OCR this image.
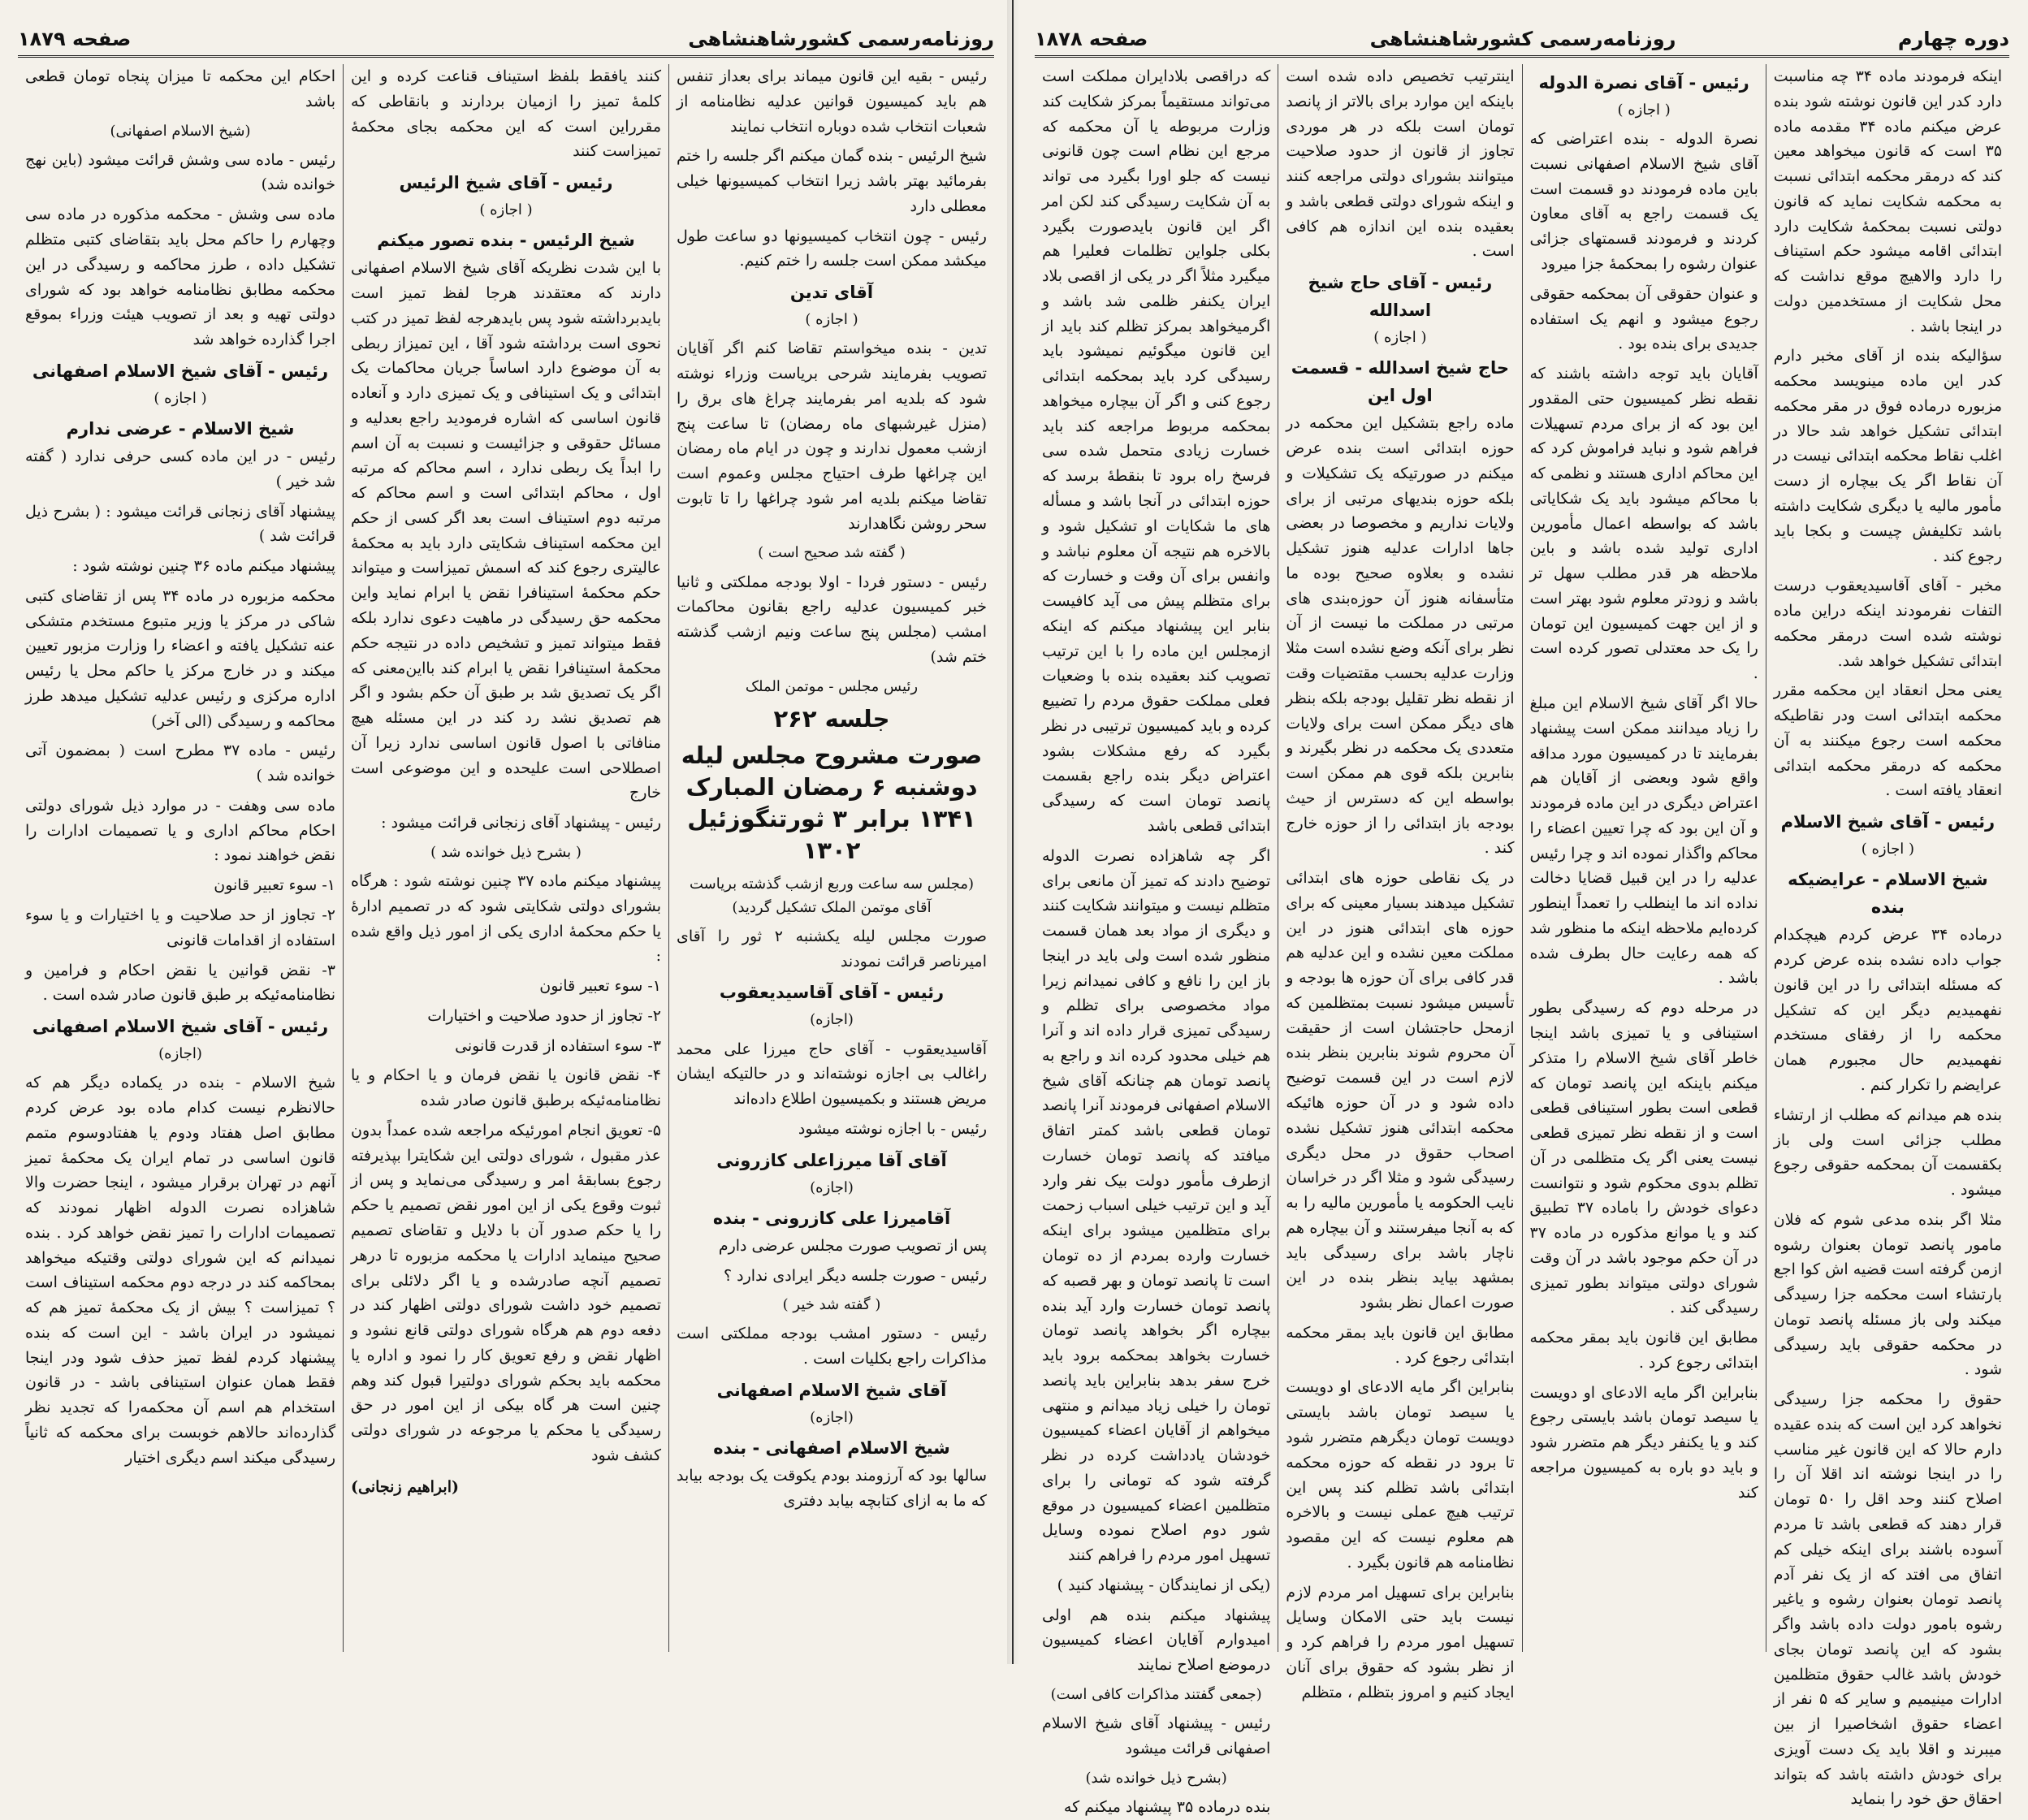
روزنامه‌رسمی کشورشاهنشاهی
صفحه ۱۸۷۹

رئیس - بقیه این قانون میماند برای بعداز تنفس هم باید کمیسیون قوانین عدلیه نظامنامه از شعبات انتخاب شده دوباره انتخاب نمایند

شیخ الرئیس - بنده گمان میکنم اگر جلسه را ختم بفرمائید بهتر باشد زیرا انتخاب کمیسیونها خیلی معطلی دارد

رئیس - چون انتخاب کمیسیونها دو ساعت طول میکشد ممکن است جلسه را ختم کنیم.

آقای تدین

( اجازه )

تدین - بنده میخواستم تقاضا کنم اگر آقایان تصویب بفرمایند شرحی بریاست وزراء نوشته شود که بلدیه امر بفرمایند چراغ های برق را (منزل غیرشبهای ماه رمضان) تا ساعت پنج ازشب معمول ندارند و چون در ایام ماه رمضان این چراغها طرف احتیاج مجلس وعموم است تقاضا میکنم بلدیه امر شود چراغها را تا تابوت سحر روشن نگاهدارند

( گفته شد صحیح است )

رئیس - دستور فردا - اولا بودجه مملکتی و ثانیا خبر کمیسیون عدلیه راجع بقانون محاکمات امشب (مجلس پنج ساعت ونیم ازشب گذشته ختم شد)

رئیس مجلس - موتمن الملک

جلسه ۲۶۲

صورت مشروح مجلس لیله دوشنبه ۶ رمضان المبارک ۱۳۴۱ برابر ۳ ثورتنگوزئیل ۱۳۰۲

(مجلس سه ساعت وربع ازشب گذشته بریاست آقای موتمن الملک تشکیل گردید)

صورت مجلس لیله یکشنبه ۲ ثور را آقای امیرناصر قرائت نمودند

رئیس - آقای آقاسیدیعقوب

(اجازه)

آقاسیدیعقوب - آقای حاج میرزا علی محمد راغالب بی اجازه نوشته‌اند و در حالتیکه ایشان مریض هستند و بکمیسیون اطلاع داده‌اند

رئیس - با اجازه نوشته میشود

آقای آقا میرزاعلی کازرونی

(اجازه)

آقامیرزا علی کازرونی - بنده

پس از تصویب صورت مجلس عرضی دارم

رئیس - صورت جلسه دیگر ایرادی ندارد ؟

( گفته شد خیر )

رئیس - دستور امشب بودجه مملکتی است مذاکرات راجع بکلیات است .

آقای شیخ الاسلام اصفهانی

(اجازه)

شیخ الاسلام اصفهانی - بنده

سالها بود که آرزومند بودم یکوقت یک بودجه بیابد که ما به ازای کتابچه بیابد دفتری

کنند یافقط بلفظ استیناف قناعت کرده و این کلمهٔ تمیز را ازمیان بردارند و بانقاطی که مقرراین است که این محکمه بجای محکمهٔ تمیزاست کنند

رئیس - آقای شیخ الرئیس

( اجازه )

شیخ الرئیس - بنده تصور میکنم

با این شدت نظریکه آقای شیخ الاسلام اصفهانی دارند که معتقدند هرجا لفظ تمیز است بایدبرداشته شود پس بایدهرجه لفظ تمیز در کتب نحوی است برداشته شود آقا ، این تمیزاز ربطی به آن موضوع دارد اساساً جریان محاکمات یک ابتدائی و یک استینافی و یک تمیزی دارد و آنعاده قانون اساسی که اشاره فرمودید راجع بعدلیه و مسائل حقوقی و جزائیست و نسبت به آن اسم را ابداً یک ربطی ندارد ، اسم محاکم که مرتبه اول ، محاکم ابتدائی است و اسم محاکم که مرتبه دوم استیناف است بعد اگر کسی از حکم این محکمه استیناف شکایتی دارد باید به محکمهٔ عالیتری رجوع کند که اسمش تمیزاست و میتواند حکم محکمهٔ استینافرا نقض یا ابرام نماید واین محکمه حق رسیدگی در ماهیت دعوی ندارد بلکه فقط میتواند تمیز و تشخیص داده در نتیجه حکم محکمهٔ استینافرا نقض یا ابرام کند بااین‌معنی که اگر یک تصدیق شد بر طبق آن حکم بشود و اگر هم تصدیق نشد رد کند در این مسئله هیچ منافاتی با اصول قانون اساسی ندارد زیرا آن اصطلاحی است علیحده و این موضوعی است خارج

رئیس - پیشنهاد آقای زنجانی قرائت میشود :

( بشرح ذیل خوانده شد )

پیشنهاد میکنم ماده ۳۷ چنین نوشته شود : هرگاه بشورای دولتی شکایتی شود که در تصمیم ادارهٔ یا حکم محکمهٔ اداری یکی از امور ذیل واقع شده :

۱- سوء تعبیر قانون

۲- تجاوز از حدود صلاحیت و اختیارات

۳- سوء استفاده از قدرت قانونی

۴- نقض قانون یا نقض فرمان و یا احکام و یا نظامنامه‌ئیکه برطبق قانون صادر شده

۵- تعویق انجام امورئیکه مراجعه شده عمداً بدون عذر مقبول ، شورای دولتی این شکایترا بپذیرفته رجوع بسابقهٔ امر و رسیدگی می‌نماید و پس از ثبوت وقوع یکی از این امور نقض تصمیم یا حکم را یا حکم صدور آن با دلایل و تقاضای تصمیم صحیح مینماید ادارات یا محکمه مزبوره تا درهر تصمیم آنچه صادرشده و یا اگر دلائلی برای تصمیم خود داشت شورای دولتی اظهار کند در دفعه دوم هم هرگاه شورای دولتی قانع نشود و اظهار نقض و رفع تعویق کار را نمود و اداره یا محکمه باید بحکم شورای دولتیرا قبول کند وهم چنین است هر گاه بیکی از این امور در حق رسیدگی یا محکم یا مرجوعه در شورای دولتی کشف شود

(ابراهیم زنجانی)

احکام این محکمه تا میزان پنجاه تومان قطعی باشد

(شیخ الاسلام اصفهانی)

رئیس - ماده سی وشش قرائت میشود (باین نهج خوانده شد)

ماده سی وشش - محکمه مذکوره در ماده سی وچهارم را حاکم محل باید بتقاضای کتبی متظلم تشکیل داده ، طرز محاکمه و رسیدگی در این محکمه مطابق نظامنامه خواهد بود که شورای دولتی تهیه و بعد از تصویب هیئت وزراء بموقع اجرا گذارده خواهد شد

رئیس - آقای شیخ الاسلام اصفهانی

( اجازه )

شیخ الاسلام - عرضی ندارم

رئیس - در این ماده کسی حرفی ندارد ( گفته شد خیر )

پیشنهاد آقای زنجانی قرائت میشود : ( بشرح ذیل قرائت شد )

پیشنهاد میکنم ماده ۳۶ چنین نوشته شود :

محکمه مزبوره در ماده ۳۴ پس از تقاضای کتبی شاکی در مرکز یا وزیر متبوع مستخدم متشکی عنه تشکیل یافته و اعضاء را وزارت مزبور تعیین میکند و در خارج مرکز یا حاکم محل یا رئیس اداره مرکزی و رئیس عدلیه تشکیل میدهد طرز محاکمه و رسیدگی (الی آخر)

رئیس - ماده ۳۷ مطرح است ( بمضمون آتی خوانده شد )

ماده سی وهفت - در موارد ذیل شورای دولتی احکام محاکم اداری و یا تصمیمات ادارات را نقض خواهند نمود :

۱- سوء تعبیر قانون

۲- تجاوز از حد صلاحیت و یا اختیارات و یا سوء استفاده از اقدامات قانونی

۳- نقض قوانین یا نقض احکام و فرامین و نظامنامه‌ئیکه بر طبق قانون صادر شده است .

رئیس - آقای شیخ الاسلام اصفهانی

(اجازه)

شیخ الاسلام - بنده در یکماده دیگر هم که حالانظرم نیست کدام ماده بود عرض کردم مطابق اصل هفتاد ودوم یا هفتادوسوم متمم قانون اساسی در تمام ایران یک محکمهٔ تمیز آنهم در تهران برقرار میشود ، اینجا حضرت والا شاهزاده نصرت الدوله اظهار نمودند که تصمیمات ادارات را تمیز نقض خواهد کرد . بنده نمیدانم که این شورای دولتی وقتیکه میخواهد بمحاکمه کند در درجه دوم محکمه استیناف است ؟ تمیزاست ؟ بیش از یک محکمهٔ تمیز هم که نمیشود در ایران باشد - این است که بنده پیشنهاد کردم لفظ تمیز حذف شود ودر اینجا فقط همان عنوان استینافی باشد - در قانون استخدام هم اسم آن محکمه‌را که تجدید نظر گذارده‌اند حالاهم خوبست برای محکمه که ثانیاً رسیدگی میکند اسم دیگری اختیار

دوره چهارم
روزنامه‌رسمی کشورشاهنشاهی
صفحه ۱۸۷۸

اینکه فرمودند ماده ۳۴ چه مناسبت دارد کدر این قانون نوشته شود بنده عرض میکنم ماده ۳۴ مقدمه ماده ۳۵ است که قانون میخواهد معین کند که درمقر محکمه ابتدائی نسبت به محکمه شکایت نماید که قانون دولتی نسبت بمحکمهٔ شکایت دارد ابتدائی اقامه میشود حکم استیناف را دارد والاهیچ موقع نداشت که محل شکایت از مستخدمین دولت در اینجا باشد .

سؤالیکه بنده از آقای مخبر دارم کدر این ماده مینویسد محکمه مزبوره درماده فوق در مقر محکمه ابتدائی تشکیل خواهد شد حالا در اغلب نقاط محکمه ابتدائی نیست در آن نقاط اگر یک بیچاره از دست مأمور مالیه یا دیگری شکایت داشته باشد تکلیفش چیست و بکجا باید رجوع کند .

مخبر - آقای آقاسیدیعقوب درست التفات نفرمودند اینکه دراین ماده نوشته شده است درمقر محکمه ابتدائی تشکیل خواهد شد.

یعنی محل انعقاد این محکمه مقرر محکمه ابتدائی است ودر نقاطیکه محکمه است رجوع میکنند به آن محکمه که درمقر محکمه ابتدائی انعقاد یافته است .

رئیس - آقای شیخ الاسلام

( اجازه )

شیخ الاسلام - عرایضیکه بنده

درماده ۳۴ عرض کردم هیچکدام جواب داده نشده بنده عرض کردم که مسئله ابتدائی را در این قانون نفهمیدیم دیگر این که تشکیل محکمه را از رفقای مستخدم نفهمیدیم حال مجبورم همان عرایضم را تکرار کنم .

بنده هم میدانم که مطلب از ارتشاء مطلب جزائی است ولی باز بکقسمت آن بمحکمه حقوقی رجوع میشود .

مثلا اگر بنده مدعی شوم که فلان مامور پانصد تومان بعنوان رشوه ازمن گرفته است قضیه اش کوا اجع بارتشاء است محکمه جزا رسیدگی میکند ولی باز مسئله پانصد تومان در محکمه حقوقی باید رسیدگی شود .

حقوق را محکمه جزا رسیدگی نخواهد کرد این است که بنده عقیده دارم حالا که این قانون غیر مناسب را در اینجا نوشته اند اقلا آن را اصلاح کنند وحد اقل را ۵۰ تومان قرار دهند که قطعی باشد تا مردم آسوده باشند برای اینکه خیلی کم اتفاق می افتد که از یک نفر آدم پانصد تومان بعنوان رشوه و یاغیر رشوه بامور دولت داده باشد واگر بشود که این پانصد تومان بجای خودش باشد غالب حقوق متظلمین ادارات مینیمیم و سایر که ۵ نفر از اعضاء حقوق اشخاصیرا از بین میبرند و اقلا باید یک دست آویزی برای خودش داشته باشد که بتواند احقاق حق خود را بنماید

رئیس - آقای نصرة الدوله

( اجازه )

نصرة الدوله - بنده اعتراضی که آقای شیخ الاسلام اصفهانی نسبت باین ماده فرمودند دو قسمت است یک قسمت راجع به آقای معاون کردند و فرمودند قسمتهای جزائی عنوان رشوه را بمحکمهٔ جزا میرود

و عنوان حقوقی آن بمحکمه حقوقی رجوع میشود و انهم یک استفاده جدیدی برای بنده بود .

آقایان باید توجه داشته باشند که نقطه نظر کمیسیون حتی المقدور این بود که از برای مردم تسهیلات فراهم شود و نباید فراموش کرد که این محاکم اداری هستند و نظمی که با محاکم میشود باید یک شکایاتی باشد که بواسطه اعمال مأمورین اداری تولید شده باشد و باین ملاحظه هر قدر مطلب سهل تر باشد و زودتر معلوم شود بهتر است و از این جهت کمیسیون این تومان را یک حد معتدلی تصور کرده است .

حالا اگر آقای شیخ الاسلام این مبلغ را زیاد میدانند ممکن است پیشنهاد بفرمایند تا در کمیسیون مورد مداقه واقع شود وبعضی از آقایان هم اعتراض دیگری در این ماده فرمودند و آن این بود که چرا تعیین اعضاء را محاکم واگذار نموده اند و چرا رئیس عدلیه را در این قبیل قضایا دخالت نداده اند ما اینطلب را تعمداً اینطور کرده‌ایم ملاحظه اینکه ما منظور شد که همه رعایت حال بطرف شده باشد .

در مرحله دوم که رسیدگی بطور استینافی و یا تمیزی باشد اینجا خاطر آقای شیخ الاسلام را متذکر میکنم باینکه این پانصد تومان که قطعی است بطور استینافی قطعی است و از نقطه نظر تمیزی قطعی نیست یعنی اگر یک متظلمی در آن تظلم بدوی محکوم شود و نتوانست دعوای خودش را باماده ۳۷ تطبیق کند و یا موانع مذکوره در ماده ۳۷ در آن حکم موجود باشد در آن وقت شورای دولتی میتواند بطور تمیزی رسیدگی کند .

مطابق این قانون باید بمقر محکمه ابتدائی رجوع کرد .

بنابراین اگر مایه الادعای او دویست یا سیصد تومان باشد بایستی رجوع کند و یا یکنفر دیگر هم متضرر شود و باید دو باره به کمیسیون مراجعه کند

اینترتیب تخصیص داده شده است باینکه این موارد برای بالاتر از پانصد تومان است بلکه در هر موردی تجاوز از قانون از حدود صلاحیت میتوانند بشورای دولتی مراجعه کنند و اینکه شورای دولتی قطعی باشد و بعقیده بنده این اندازه هم کافی است .

رئیس - آقای حاج شیخ اسدالله

( اجازه )

حاج شیخ اسدالله - قسمت اول این

ماده راجع بتشکیل این محکمه در حوزه ابتدائی است بنده عرض میکنم در صورتیکه یک تشکیلات و بلکه حوزه بندیهای مرتبی از برای ولایات نداریم و مخصوصا در بعضی جاها ادارات عدلیه هنوز تشکیل نشده و بعلاوه صحیح بوده ما متأسفانه هنوز آن حوزه‌بندی های مرتبی در مملکت ما نیست از آن نظر برای آنکه وضع نشده است مثلا وزارت عدلیه بحسب مقتضیات وقت از نقطه نظر تقلیل بودجه بلکه بنظر های دیگر ممکن است برای ولایات متعددی یک محکمه در نظر بگیرند و بنابرین بلکه قوی هم ممکن است بواسطه این که دسترس از حیث بودجه باز ابتدائی را از حوزه خارج کند .

در یک نقاطی حوزه های ابتدائی تشکیل میدهند بسیار معینی که برای حوزه های ابتدائی هنوز در این مملکت معین نشده و این عدلیه هم قدر کافی برای آن حوزه ها بودجه و تأسیس میشود نسبت بمتظلمین که ازمحل حاجتشان است از حقیقت آن محروم شوند بنابرین بنظر بنده لازم است در این قسمت توضیح داده شود و در آن حوزه هائیکه محکمه ابتدائی هنوز تشکیل نشده اصحاب حقوق در محل دیگری رسیدگی شود و مثلا اگر در خراسان نایب الحکومه یا مأمورین مالیه را به که به آنجا میفرستند و آن بیچاره هم ناچار باشد برای رسیدگی باید بمشهد بیاید بنظر بنده در این صورت اعمال نظر بشود

مطابق این قانون باید بمقر محکمه ابتدائی رجوع کرد .

بنابراین اگر مایه الادعای او دویست یا سیصد تومان باشد بایستی دویست تومان دیگرهم متضرر شود تا برود در نقطه که حوزه محکمه ابتدائی باشد تظلم کند پس این ترتیب هیچ عملی نیست و بالاخره هم معلوم نیست که این مقصود نظامنامه هم قانون بگیرد .

بنابراین برای تسهیل امر مردم لازم نیست باید حتی الامکان وسایل تسهیل امور مردم را فراهم کرد و از نظر بشود که حقوق برای آنان ایجاد کنیم و امروز بتظلم ، متظلم

که دراقصی بلادایران مملکت است می‌تواند مستقیماً بمرکز شکایت کند وزارت مربوطه یا آن محکمه که مرجع این نظام است چون قانونی نیست که جلو اورا بگیرد می تواند به آن شکایت رسیدگی کند لکن امر اگر این قانون بایدصورت بگیرد بکلی جلواین تظلمات فعلیرا هم میگیرد مثلاً اگر در یکی از اقصی بلاد ایران یکنفر ظلمی شد باشد و اگرمیخواهد بمرکز تظلم کند باید از این قانون میگوئیم نمیشود باید رسیدگی کرد باید بمحکمه ابتدائی رجوع کنی و اگر آن بیچاره میخواهد بمحکمه مربوط مراجعه کند باید خسارت زیادی متحمل شده سی فرسخ راه برود تا بنقطهٔ برسد که حوزه ابتدائی در آنجا باشد و مسأله های ما شکایات او تشکیل شود و بالاخره هم نتیجه آن معلوم نباشد و وانفس برای آن وقت و خسارت که برای متظلم پیش می آید کافیست بنابر این پیشنهاد میکنم که اینکه ازمجلس این ماده را با این ترتیب تصویب کند بعقیده بنده با وضعیات فعلی مملکت حقوق مردم را تضییع کرده و باید کمیسیون ترتیبی در نظر بگیرد که رفع مشکلات بشود اعتراض دیگر بنده راجع بقسمت پانصد تومان است که رسیدگی ابتدائی قطعی باشد

اگر چه شاهزاده نصرت الدوله توضیح دادند که تمیز آن مانعی برای متظلم نیست و میتوانند شکایت کنند و دیگری از مواد بعد همان قسمت منظور شده است ولی باید در اینجا باز این را نافع و کافی نمیدانم زیرا مواد مخصوصی برای تظلم و رسیدگی تمیزی قرار داده اند و آنرا هم خیلی محدود کرده اند و راجع به پانصد تومان هم چنانکه آقای شیخ الاسلام اصفهانی فرمودند آنرا پانصد تومان قطعی باشد کمتر اتفاق میافتد که پانصد تومان خسارت ازطرف مأمور دولت بیک نفر وارد آید و این ترتیب خیلی اسباب زحمت برای متظلمین میشود برای اینکه خسارت وارده بمردم از ده تومان است تا پانصد تومان و بهر قصبه که پانصد تومان خسارت وارد آید بنده بیچاره اگر بخواهد پانصد تومان خسارت بخواهد بمحکمه برود باید خرج سفر بدهد بنابراین باید پانصد تومان را خیلی زیاد میدانم و منتهی میخواهم از آقایان اعضاء کمیسیون خودشان یادداشت کرده در نظر گرفته شود که تومانی را برای متظلمین اعضاء کمیسیون در موقع شور دوم اصلاح نموده وسایل تسهیل امور مردم را فراهم کنند

(یکی از نمایندگان - پیشنهاد کنید )

پیشنهاد میکنم بنده هم اولی امیدوارم آقایان اعضاء کمیسیون درموضع اصلاح نمایند

(جمعی گفتند مذاکرات کافی است)

رئیس - پیشنهاد آقای شیخ الاسلام اصفهانی قرائت میشود

(بشرح ذیل خوانده شد)

بنده درماده ۳۵ پیشنهاد میکنم که
